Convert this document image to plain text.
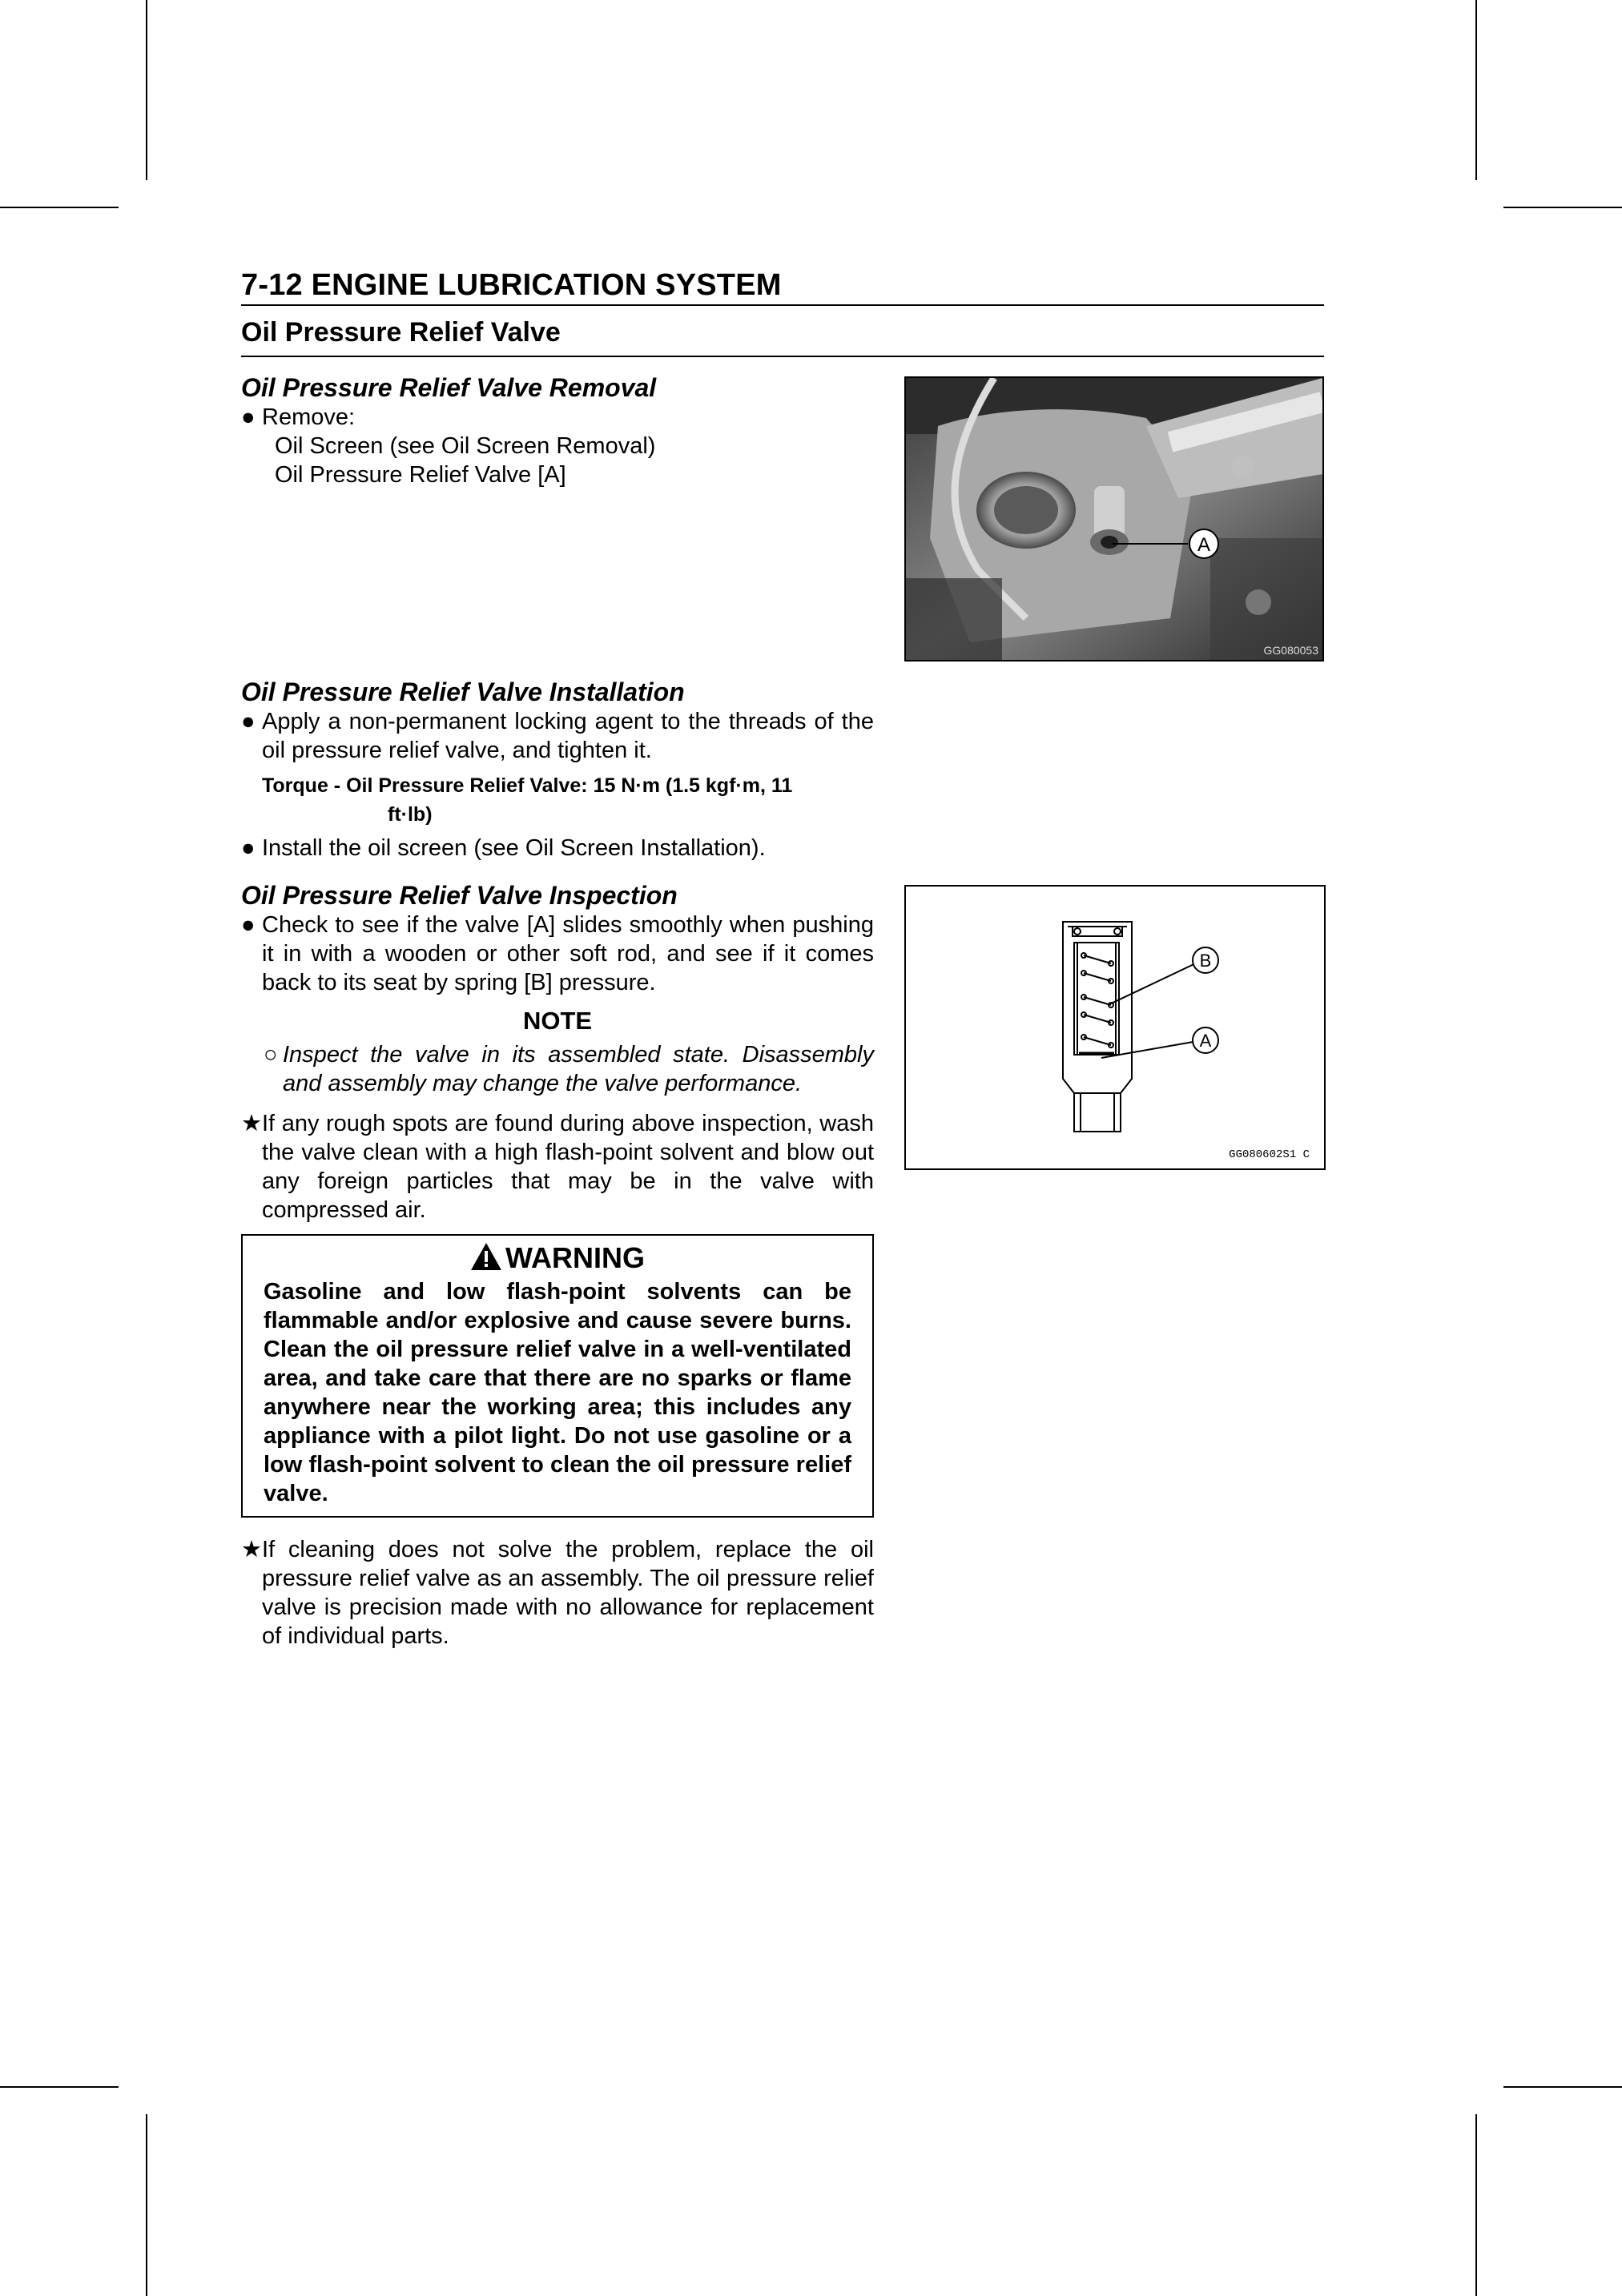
7-12 ENGINE LUBRICATION SYSTEM
Oil Pressure Relief Valve

Oil Pressure Relief Valve Removal

● Remove:

Oil Screen (see Oil Screen Removal)

Oil Pressure Relief Valve [A]

Oil Pressure Relief Valve Installation

● Apply a non-permanent locking agent to the threads of the oil pressure relief valve, and tighten it.

Torque - Oil Pressure Relief Valve: 15 N·m (1.5 kgf·m, 11
ft·lb)

● Install the oil screen (see Oil Screen Installation).

Oil Pressure Relief Valve Inspection

● Check to see if the valve [A] slides smoothly when pushing it in with a wooden or other soft rod, and see if it comes back to its seat by spring [B] pressure.

NOTE

○ Inspect the valve in its assembled state. Disassembly and assembly may change the valve performance.

★ If any rough spots are found during above inspection, wash the valve clean with a high flash-point solvent and blow out any foreign particles that may be in the valve with compressed air.

WARNING

Gasoline and low flash-point solvents can be flammable and/or explosive and cause severe burns. Clean the oil pressure relief valve in a well-ventilated area, and take care that there are no sparks or flame anywhere near the working area; this includes any appliance with a pilot light. Do not use gasoline or a low flash-point solvent to clean the oil pressure relief valve.

★ If cleaning does not solve the problem, replace the oil pressure relief valve as an assembly. The oil pressure relief valve is precision made with no allowance for replacement of individual parts.

A
GG080053
B
A
GG080602S1 C
